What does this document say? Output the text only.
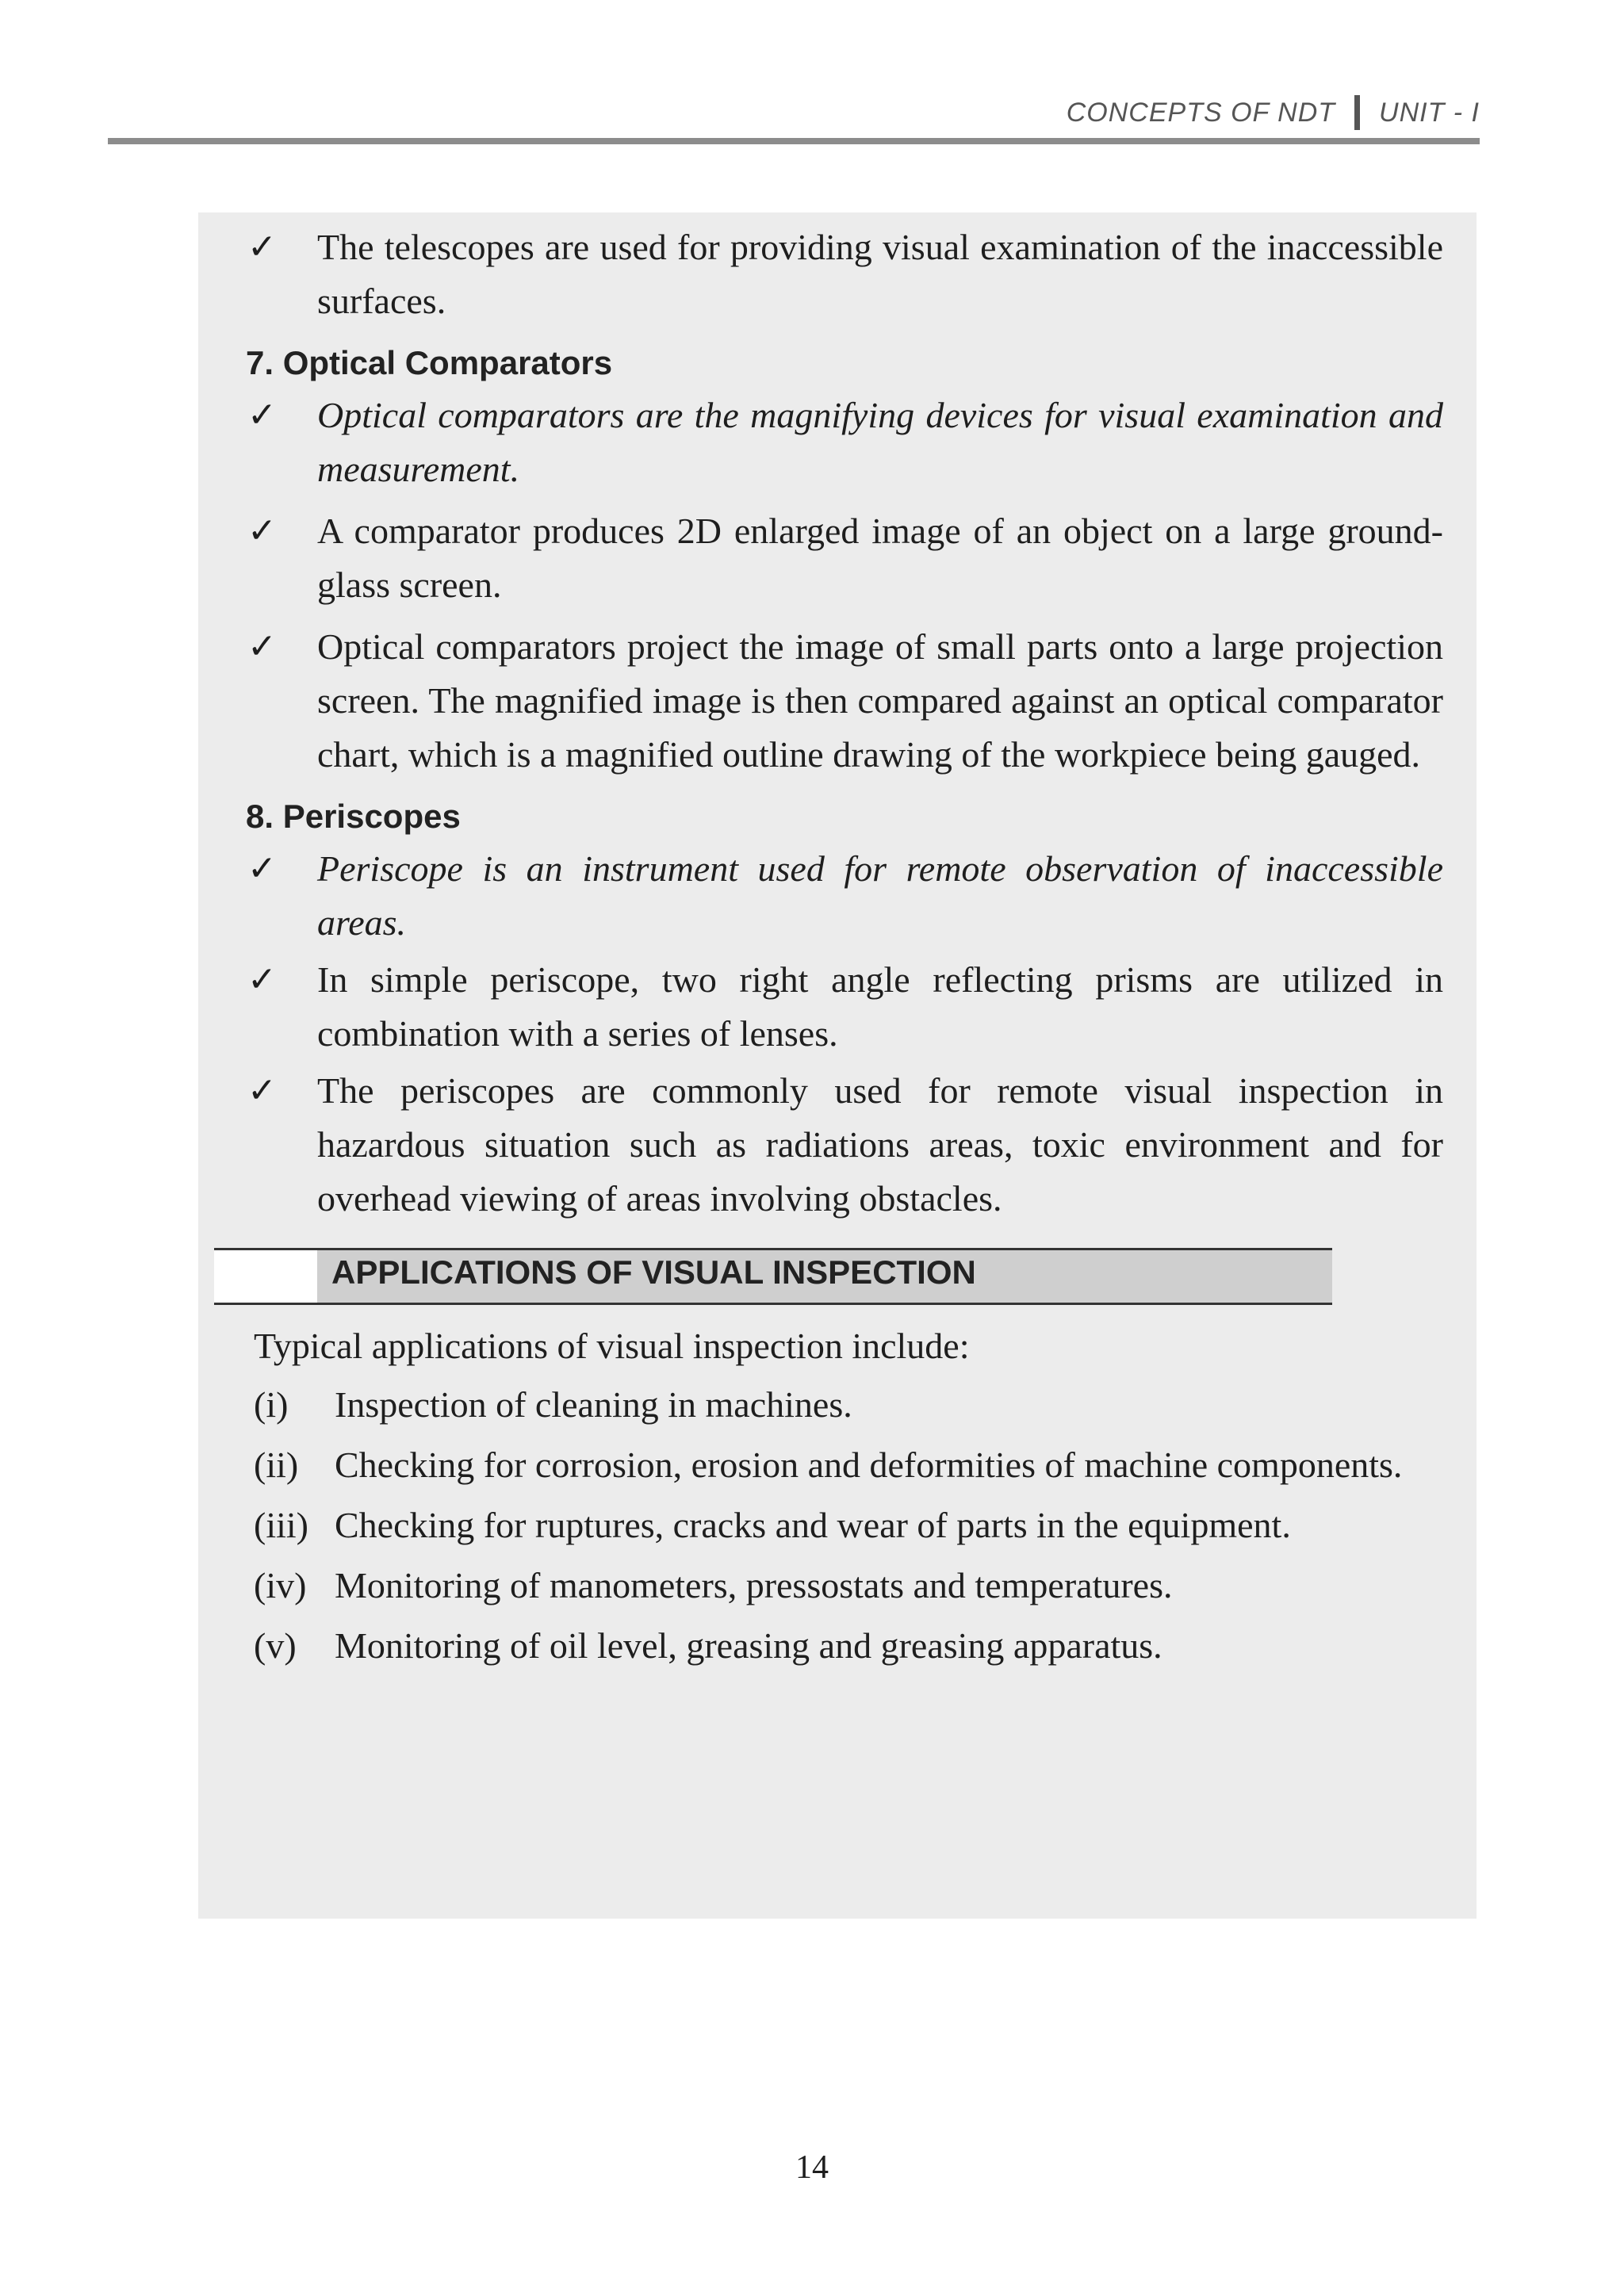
CONCEPTS OF NDT UNIT - I
✓	The telescopes are used for providing visual examination of the inaccessible surfaces.
7. Optical Comparators
✓	Optical comparators are the magnifying devices for visual examination and measurement.
✓	A comparator produces 2D enlarged image of an object on a large ground-glass screen.
✓	Optical comparators project the image of small parts onto a large projection screen. The magnified image is then compared against an optical comparator chart, which is a magnified outline drawing of the workpiece being gauged.
8. Periscopes
✓	Periscope is an instrument used for remote observation of inaccessible areas.
✓	In simple periscope, two right angle reflecting prisms are utilized in combination with a series of lenses.
✓	The periscopes are commonly used for remote visual inspection in hazardous situation such as radiations areas, toxic environment and for overhead viewing of areas involving obstacles.
APPLICATIONS OF VISUAL INSPECTION
Typical applications of visual inspection include:
(i) Inspection of cleaning in machines.
(ii) Checking for corrosion, erosion and deformities of machine components.
(iii) Checking for ruptures, cracks and wear of parts in the equipment.
(iv) Monitoring of manometers, pressostats and temperatures.
(v) Monitoring of oil level, greasing and greasing apparatus.
14
